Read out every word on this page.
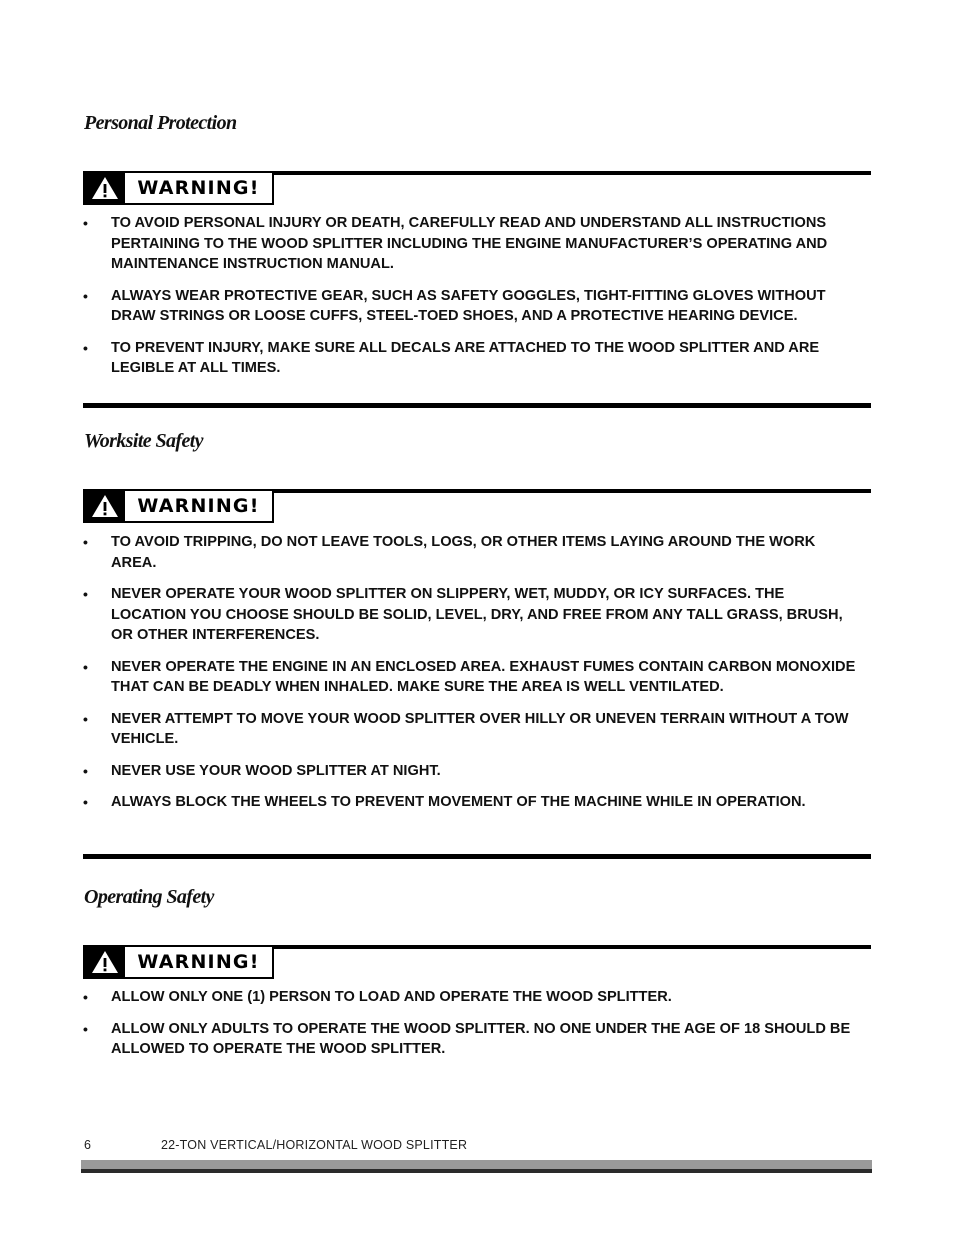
Personal Protection
WARNING!
• TO AVOID PERSONAL INJURY OR DEATH, CAREFULLY READ AND UNDERSTAND ALL INSTRUCTIONS PERTAINING TO THE WOOD SPLITTER INCLUDING THE ENGINE MANUFACTURER’S OPERATING AND MAINTENANCE INSTRUCTION MANUAL.
• ALWAYS WEAR PROTECTIVE GEAR, SUCH AS SAFETY GOGGLES, TIGHT-FITTING GLOVES WITHOUT DRAW STRINGS OR LOOSE CUFFS, STEEL-TOED SHOES, AND A PROTECTIVE HEARING DEVICE.
• TO PREVENT INJURY, MAKE SURE ALL DECALS ARE ATTACHED TO THE WOOD SPLITTER AND ARE LEGIBLE AT ALL TIMES.
Worksite Safety
WARNING!
• TO AVOID TRIPPING, DO NOT LEAVE TOOLS, LOGS, OR OTHER ITEMS LAYING AROUND THE WORK AREA.
• NEVER OPERATE YOUR WOOD SPLITTER ON SLIPPERY, WET, MUDDY, OR ICY SURFACES. THE LOCATION YOU CHOOSE SHOULD BE SOLID, LEVEL, DRY, AND FREE FROM ANY TALL GRASS, BRUSH, OR OTHER INTERFERENCES.
• NEVER OPERATE THE ENGINE IN AN ENCLOSED AREA. EXHAUST FUMES CONTAIN CARBON MONOXIDE THAT CAN BE DEADLY WHEN INHALED. MAKE SURE THE AREA IS WELL VENTILATED.
• NEVER ATTEMPT TO MOVE YOUR WOOD SPLITTER OVER HILLY OR UNEVEN TERRAIN WITHOUT A TOW VEHICLE.
• NEVER USE YOUR WOOD SPLITTER AT NIGHT.
• ALWAYS BLOCK THE WHEELS TO PREVENT MOVEMENT OF THE MACHINE WHILE IN OPERATION.
Operating Safety
WARNING!
• ALLOW ONLY ONE (1) PERSON TO LOAD AND OPERATE THE WOOD SPLITTER.
• ALLOW ONLY ADULTS TO OPERATE THE WOOD SPLITTER. NO ONE UNDER THE AGE OF 18 SHOULD BE ALLOWED TO OPERATE THE WOOD SPLITTER.
6	22-TON VERTICAL/HORIZONTAL WOOD SPLITTER
